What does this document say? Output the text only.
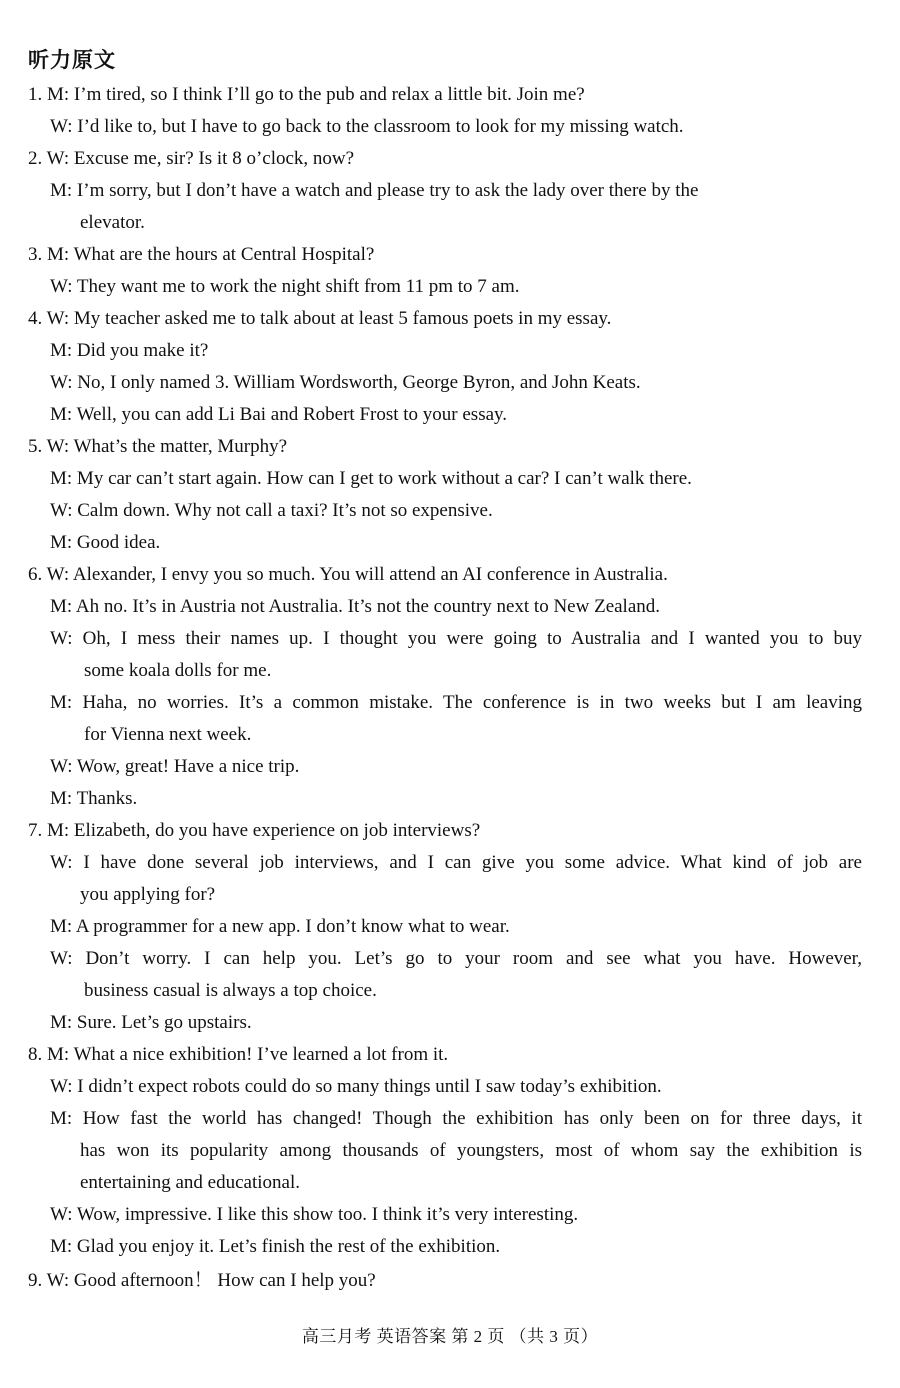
听力原文
1. M: I’m tired, so I think I’ll go to the pub and relax a little bit. Join me?
W: I’d like to, but I have to go back to the classroom to look for my missing watch.
2. W: Excuse me, sir? Is it 8 o’clock, now?
M: I’m sorry, but I don’t have a watch and please try to ask the lady over there by the
elevator.
3. M: What are the hours at Central Hospital?
W: They want me to work the night shift from 11 pm to 7 am.
4. W: My teacher asked me to talk about at least 5 famous poets in my essay.
M: Did you make it?
W: No, I only named 3. William Wordsworth, George Byron, and John Keats.
M: Well, you can add Li Bai and Robert Frost to your essay.
5. W: What’s the matter, Murphy?
M: My car can’t start again. How can I get to work without a car? I can’t walk there.
W: Calm down. Why not call a taxi? It’s not so expensive.
M: Good idea.
6. W: Alexander, I envy you so much. You will attend an AI conference in Australia.
M: Ah no. It’s in Austria not Australia. It’s not the country next to New Zealand.
W: Oh, I mess their names up. I thought you were going to Australia and I wanted you to buy
some koala dolls for me.
M: Haha, no worries. It’s a common mistake. The conference is in two weeks but I am leaving
for Vienna next week.
W: Wow, great! Have a nice trip.
M: Thanks.
7. M: Elizabeth, do you have experience on job interviews?
W: I have done several job interviews, and I can give you some advice. What kind of job are
you applying for?
M: A programmer for a new app. I don’t know what to wear.
W: Don’t worry. I can help you. Let’s go to your room and see what you have. However,
business casual is always a top choice.
M: Sure. Let’s go upstairs.
8. M: What a nice exhibition! I’ve learned a lot from it.
W: I didn’t expect robots could do so many things until I saw today’s exhibition.
M: How fast the world has changed! Though the exhibition has only been on for three days, it
has won its popularity among thousands of youngsters, most of whom say the exhibition is
entertaining and educational.
W: Wow, impressive. I like this show too. I think it’s very interesting.
M: Glad you enjoy it. Let’s finish the rest of the exhibition.
9. W: Good afternoon！ How can I help you?
高三月考 英语答案 第 2 页 （共 3 页）
